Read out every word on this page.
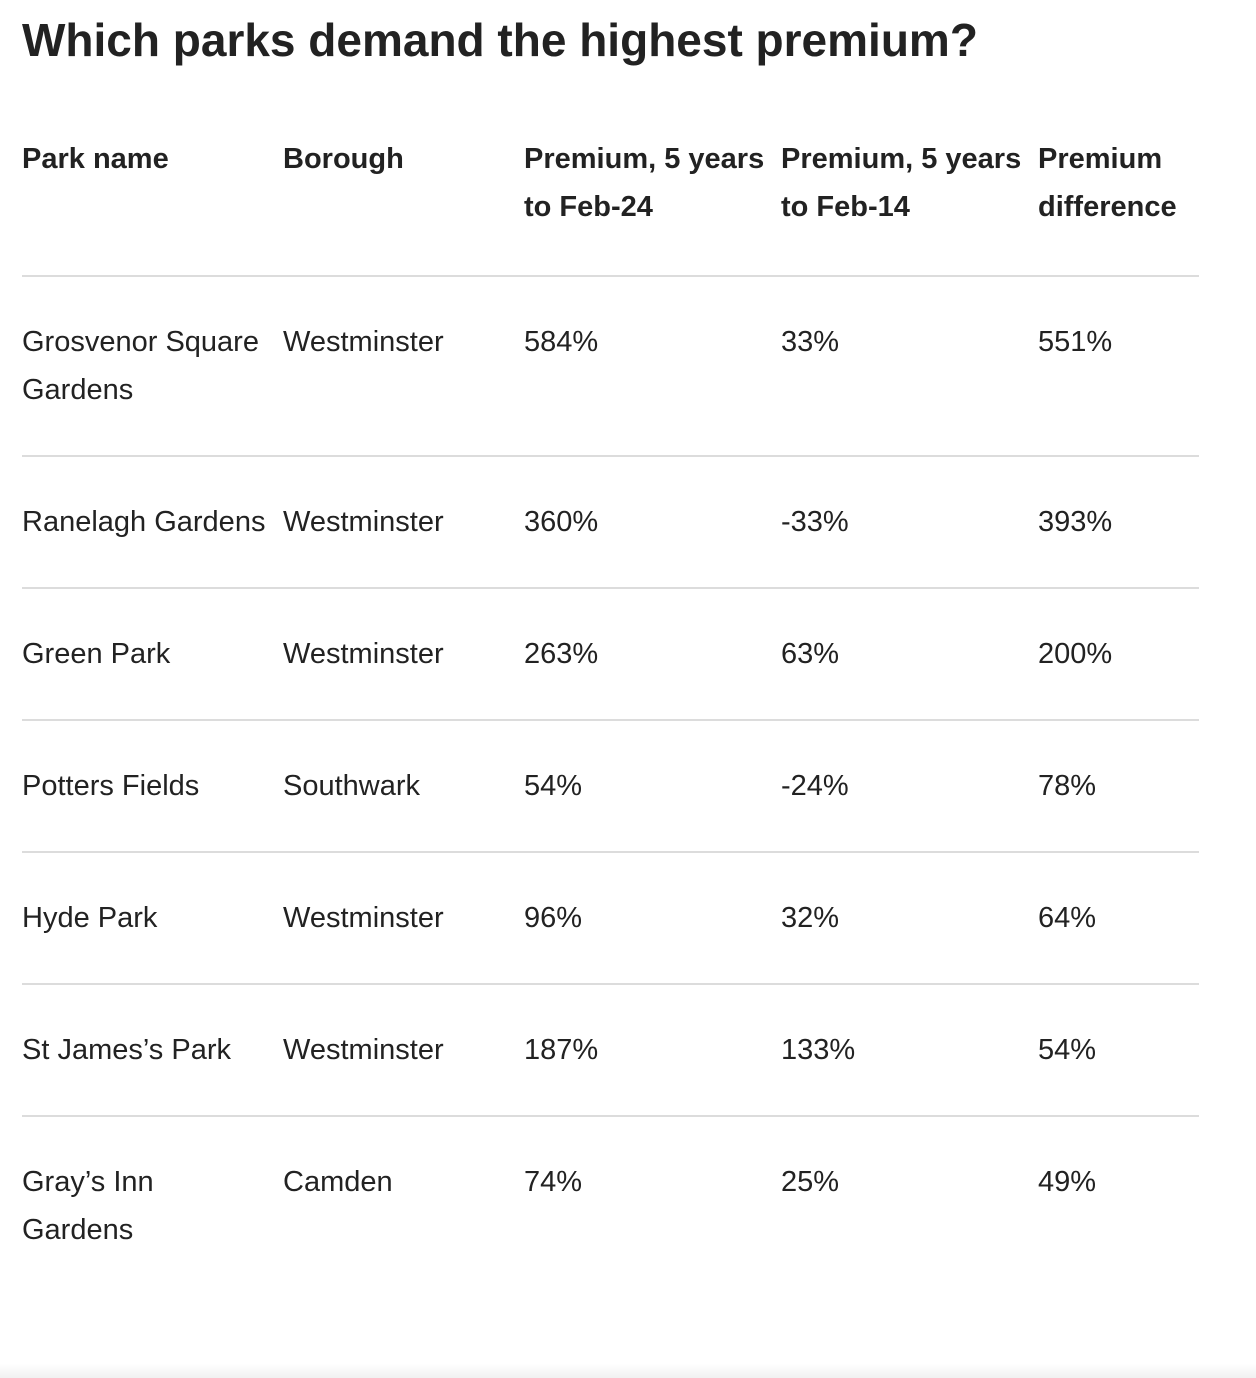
Which parks demand the highest premium?
Park name	Borough	Premium, 5 years to Feb-24	Premium, 5 years to Feb-14	Premium difference
Grosvenor Square Gardens	Westminster	584%	33%	551%
Ranelagh Gardens	Westminster	360%	-33%	393%
Green Park	Westminster	263%	63%	200%
Potters Fields	Southwark	54%	-24%	78%
Hyde Park	Westminster	96%	32%	64%
St James’s Park	Westminster	187%	133%	54%
Gray’s Inn Gardens	Camden	74%	25%	49%
